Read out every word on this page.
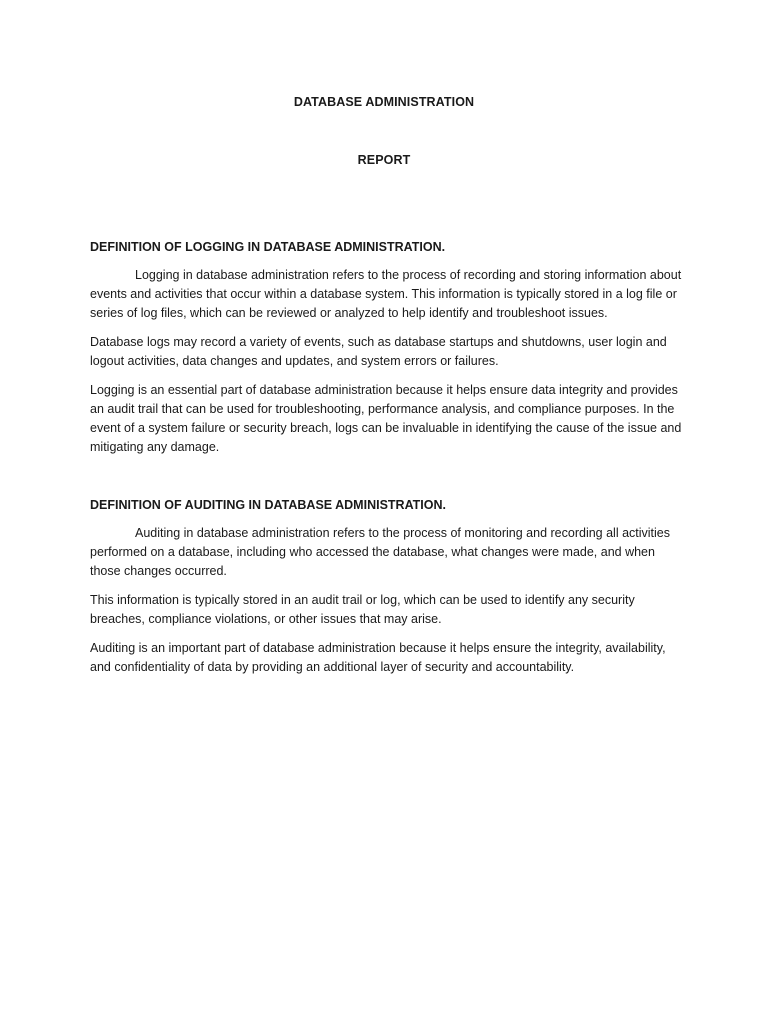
DATABASE ADMINISTRATION
REPORT
DEFINITION OF LOGGING IN DATABASE ADMINISTRATION.

Logging in database administration refers to the process of recording and storing information about events and activities that occur within a database system. This information is typically stored in a log file or series of log files, which can be reviewed or analyzed to help identify and troubleshoot issues.

Database logs may record a variety of events, such as database startups and shutdowns, user login and logout activities, data changes and updates, and system errors or failures.

Logging is an essential part of database administration because it helps ensure data integrity and provides an audit trail that can be used for troubleshooting, performance analysis, and compliance purposes. In the event of a system failure or security breach, logs can be invaluable in identifying the cause of the issue and mitigating any damage.

DEFINITION OF AUDITING IN DATABASE ADMINISTRATION.

Auditing in database administration refers to the process of monitoring and recording all activities performed on a database, including who accessed the database, what changes were made, and when those changes occurred.

This information is typically stored in an audit trail or log, which can be used to identify any security breaches, compliance violations, or other issues that may arise.

Auditing is an important part of database administration because it helps ensure the integrity, availability, and confidentiality of data by providing an additional layer of security and accountability.
